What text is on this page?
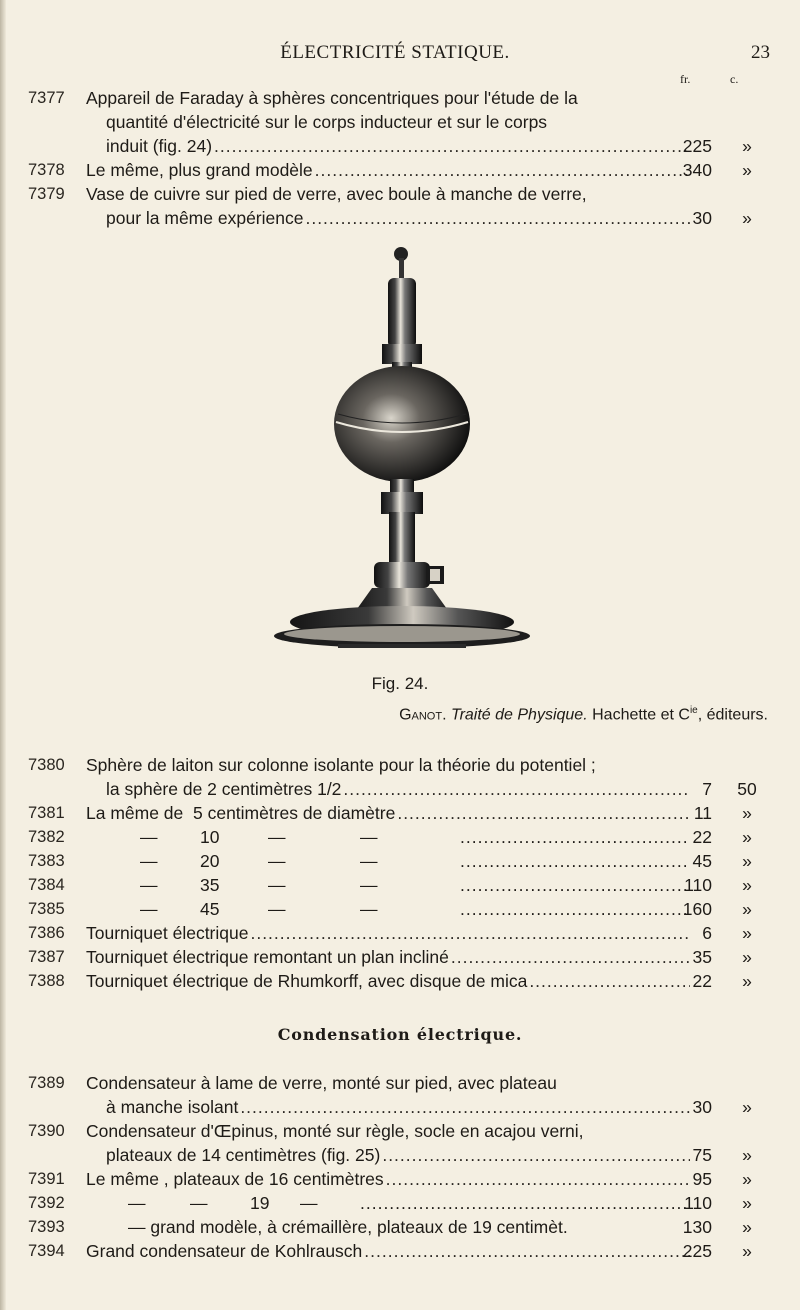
ÉLECTRICITÉ STATIQUE.	23
fr.	c.
7377 Appareil de Faraday à sphères concentriques pour l'étude de la
quantité d'électricité sur le corps inducteur et sur le corps
induit (fig. 24) .....	225	»
7378 Le même, plus grand modèle .....	340	»
7379 Vase de cuivre sur pied de verre, avec boule à manche de verre,
pour la même expérience .....	30	»
Fig. 24.
Ganot. Traité de Physique. Hachette et $C^{ie}$, éditeurs.
7380 Sphère de laiton sur colonne isolante pour la théorie du potentiel ;
la sphère de 2 centimètres 1/2 .....	7	50
7381 La même de  5 centimètres de diamètre .....	11	»
7382	— 10	—	— .....	22	»
7383	— 20	—	— .....	45	»
7384	— 35	—	— .....	110	»
7385	— 45	—	— .....	160	»
7386 Tourniquet électrique .....	6	»
7387 Tourniquet électrique remontant un plan incliné .....	35	»
7388 Tourniquet électrique de Rhumkorff, avec disque de mica .....	22	»
Condensation électrique.
7389 Condensateur à lame de verre, monté sur pied, avec plateau
à manche isolant .....	30	»
7390 Condensateur d'Œpinus, monté sur règle, socle en acajou verni,
plateaux de 14 centimètres (fig. 25) .....	75	»
7391 Le même , plateaux de 16 centimètres .....	95	»
7392	—	— 19 — .....	110	»
7393	— grand modèle, à crémaillère, plateaux de 19 centimèt.	130	»
7394 Grand condensateur de Kohlrausch .....	225	»
